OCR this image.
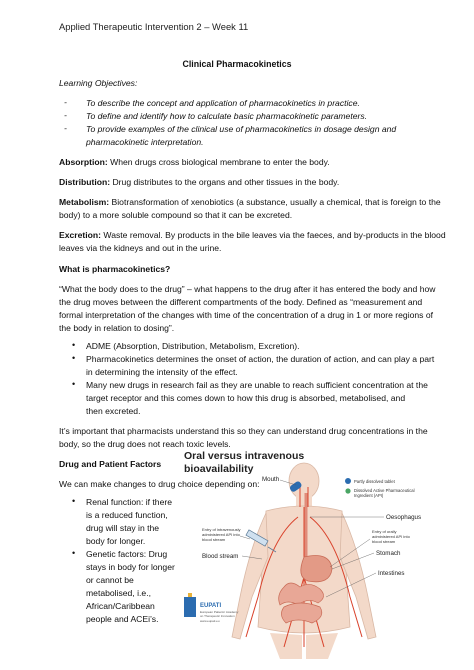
Applied Therapeutic Intervention 2 – Week 11
Clinical Pharmacokinetics
Learning Objectives:
- To describe the concept and application of pharmacokinetics in practice.
- To define and identify how to calculate basic pharmacokinetic parameters.
- To provide examples of the clinical use of pharmacokinetics in dosage design and
pharmacokinetic interpretation.
Absorption: When drugs cross biological membrane to enter the body.
Distribution: Drug distributes to the organs and other tissues in the body.
Metabolism: Biotransformation of xenobiotics (a substance, usually a chemical, that is foreign to the
body) to a more soluble compound so that it can be excreted.
Excretion: Waste removal. By products in the bile leaves via the faeces, and by-products in the blood
leaves via the kidneys and out in the urine.
What is pharmacokinetics?
“What the body does to the drug” – what happens to the drug after it has entered the body and how
the drug moves between the different compartments of the body. Defined as “measurement and
formal interpretation of the changes with time of the concentration of a drug in 1 or more regions of
the body in relation to dosing”.
• ADME (Absorption, Distribution, Metabolism, Excretion).
• Pharmacokinetics determines the onset of action, the duration of action, and can play a part
in determining the intensity of the effect.
• Many new drugs in research fail as they are unable to reach sufficient concentration at the
target receptor and this comes down to how this drug is absorbed, metabolised, and
then excreted.
It’s important that pharmacists understand this so they can understand drug concentrations in the
body, so the drug does not reach toxic levels.
Drug and Patient Factors
We can make changes to drug choice depending on:
• Renal function: if there
is a reduced function,
drug will stay in the
body for longer.
• Genetic factors: Drug
stays in body for longer
or cannot be
metabolised, i.e.,
African/Caribbean
people and ACEi’s.
Oral versus intravenous
bioavailability
Partly dissolved tablet
Dissolved Active Pharmaceutical
Ingredient (API)
Mouth
Oesophagus
Entry of intravenously
administered API into
blood stream
Entry of orally
administered API into
blood stream
Blood stream	Stomach
Intestines
EUPATI
European Patients' Academy
on Therapeutic Innovation
www.eupati.eu
